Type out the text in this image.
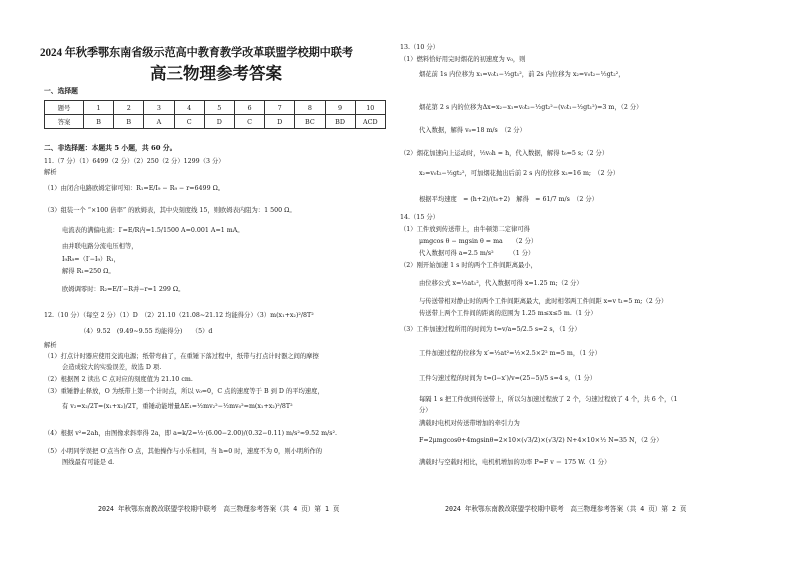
2024 年秋季鄂东南省级示范高中教育教学改革联盟学校期中联考
高三物理参考答案
一、选择题
题号	1	2	3	4	5	6	7	8	9	10
答案	B	B	A	C	D	C	D	BC	BD	ACD
二、非选择题：本题共 5 小题，共 60 分。
11.（7 分）（1）6499（2 分）（2）250（2 分）1299（3 分）
解析
（1）由闭合电路欧姆定律可知：R₁=E/I₉ − R₉ − r=6499 Ω。
（3）组装一个 “×100 倍率” 的欧姆表，其中央刻度线 15，则欧姆表内阻为：1 500 Ω。
电流表的满偏电流：I′=E/R内=1.5/1500 A=0.001 A=1 mA。
由并联电路分流电压相等，
I₉R₉=（I′−I₉）R₁，
解得 R₁=250 Ω。
欧姆调零时：R₂=E/I′−R并−r=1 299 Ω。
12.（10 分）（每空 2 分）（1）D　（2）21.10（21.08~21.12 均能得分）（3）m(x₁+x₂)²/8T²
（4）9.52　(9.49~9.55 均能得分)　　（5）d
解析
（1）打点计时器应使用交流电源；纸带弯曲了，在重锤下落过程中，纸带与打点计时器之间的摩擦
会造成较大的实验误差，故选 D 项.
（2）根据图 2 读出 C 点对应的刻度值为 21.10 cm.
（3）重锤静止释放，O 为纸带上第一个计时点，所以 v₀=0，C 点的速度等于 B 到 D 的平均速度，
有 v₂=x₂/2T=(x₁+x₂)/2T，重锤动能增量ΔE₁=½mv₂²−½mv₀²=m(x₁+x₂)²/8T²
（4）根据 v²=2ah，由图像求斜率得 2a，即 a=k/2=½·(6.00−2.00)/(0.32−0.11) m/s²≈9.52 m/s².
（5）小明同学误把 O′点当作 O 点，其他操作与小乐相同，当 h=0 时，速度不为 0，则小明所作的
图线最有可能是 d.
2024 年秋鄂东南教改联盟学校期中联考　高三物理参考答案（共 4 页）第 1 页
13.（10 分）
（1）燃料恰好用完时烟花的初速度为 v₀，则
烟花前 1s 内位移为 x₁=v₀t₁−½gt₁²，前 2s 内位移为 x₂=v₀t₂−½gt₂²，
烟花第 2 s 内的位移为Δx=x₂−x₁=v₀t₂−½gt₂²−(v₀t₁−½gt₁²)=3 m，（2 分）
代入数据，解得 v₀=18 m/s　（2 分）
（2）烟花加速向上运动时，½v₀h = h，代入数据，解得 t₀=5 s;（2 分）
x₂=v₀t₂−½gt₂²，可加烟花抛出后前 2 s 内的位移 x₂=16 m;　（2 分）
根据平均速度　= (h+2)/(t₀+2)　解得　= 61/7 m/s　（2 分）
14.（15 分）
（1）工件放到传送带上，由牛顿第二定律可得
μmgcos θ − mgsin θ = ma　　（2 分）
代入数据可得 a=2.5 m/s²　　　（1 分）
（2）刚开始加速 1 s 时的两个工件间距离最小，
由位移公式 x=½at₁²，代入数据可得 x=1.25 m;（2 分）
与传送带相对静止时的两个工件间距离最大，此时相邻两工件间距 x=v t₁=5 m;（2 分）
传送带上两个工件间的距离的范围为 1.25 m≤x≤5 m.（1 分）
（3）工件加速过程所用的时间为 t=v/a=5/2.5 s=2 s，（1 分）
工件加速过程的位移为 x′=½at²=½×2.5×2² m=5 m，（1 分）
工件匀速过程的时间为 t=(l−x′)/v=(25−5)/5 s=4 s，（1 分）
每隔 1 s 把工件放到传送带上，所以匀加速过程放了 2 个，匀速过程放了 4 个，共 6 个，（1
分）
满载时电机对传送带增加的牵引力为
F=2μmgcosθ+4mgsinθ=2×10×(√3/2)×(√3/2) N+4×10×½ N=35 N，（2 分）
满载时与空载时相比，电机机增加的功率 P=F v ＝ 175 W.（1 分）
2024 年秋鄂东南教改联盟学校期中联考　高三物理参考答案（共 4 页）第 2 页
